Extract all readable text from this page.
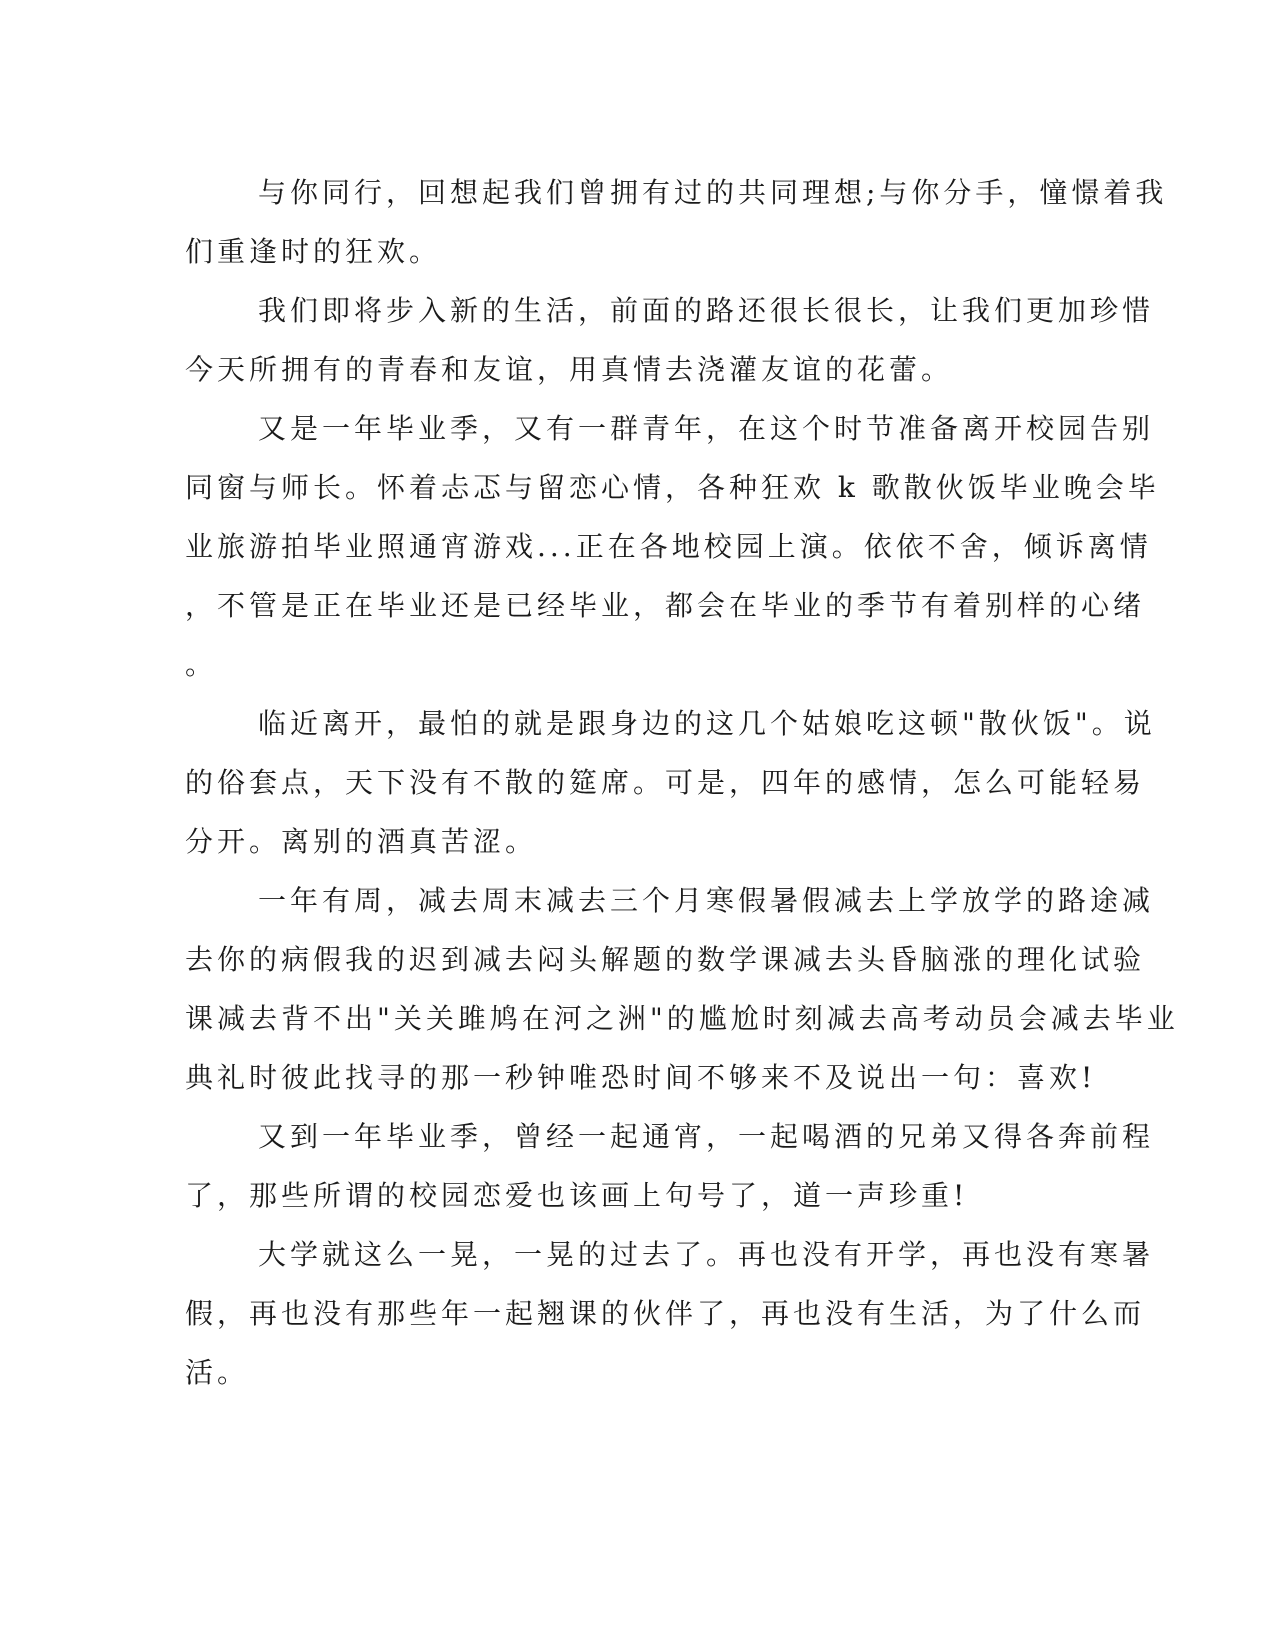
与你同行，回想起我们曾拥有过的共同理想;与你分手，憧憬着我
们重逢时的狂欢。

我们即将步入新的生活，前面的路还很长很长，让我们更加珍惜
今天所拥有的青春和友谊，用真情去浇灌友谊的花蕾。

又是一年毕业季，又有一群青年，在这个时节准备离开校园告别
同窗与师长。怀着忐忑与留恋心情，各种狂欢 k 歌散伙饭毕业晚会毕
业旅游拍毕业照通宵游戏...正在各地校园上演。依依不舍，倾诉离情
，不管是正在毕业还是已经毕业，都会在毕业的季节有着别样的心绪
。

临近离开，最怕的就是跟身边的这几个姑娘吃这顿"散伙饭"。说
的俗套点，天下没有不散的筵席。可是，四年的感情，怎么可能轻易
分开。离别的酒真苦涩。

一年有周，减去周末减去三个月寒假暑假减去上学放学的路途减
去你的病假我的迟到减去闷头解题的数学课减去头昏脑涨的理化试验
课减去背不出"关关雎鸠在河之洲"的尴尬时刻减去高考动员会减去毕业
典礼时彼此找寻的那一秒钟唯恐时间不够来不及说出一句：喜欢!

又到一年毕业季，曾经一起通宵，一起喝酒的兄弟又得各奔前程
了，那些所谓的校园恋爱也该画上句号了，道一声珍重!

大学就这么一晃，一晃的过去了。再也没有开学，再也没有寒暑
假，再也没有那些年一起翘课的伙伴了，再也没有生活，为了什么而
活。
